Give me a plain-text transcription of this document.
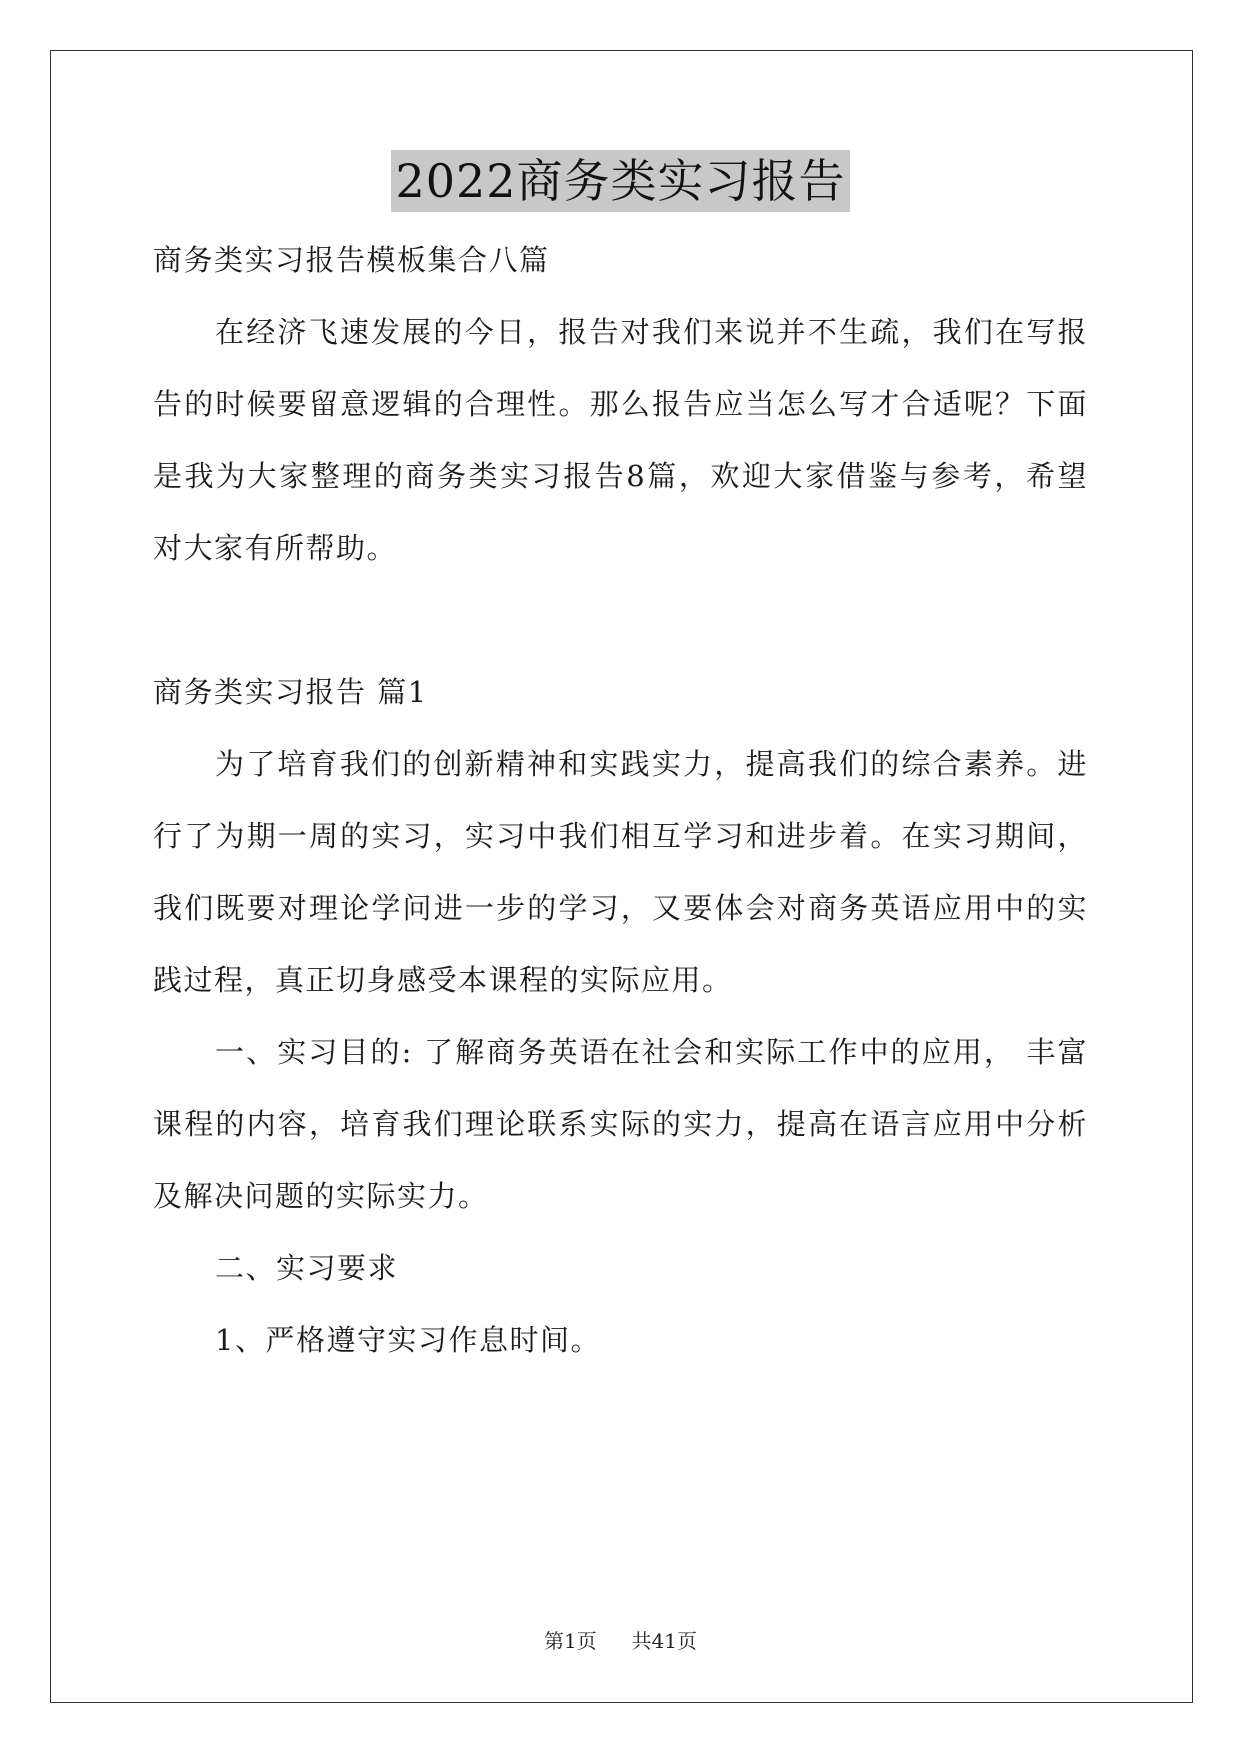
2022商务类实习报告
商务类实习报告模板集合八篇
在经济飞速发展的今日，报告对我们来说并不生疏，我们在写报
告的时候要留意逻辑的合理性。那么报告应当怎么写才合适呢？下面
是我为大家整理的商务类实习报告8篇，欢迎大家借鉴与参考，希望
对大家有所帮助。
商务类实习报告 篇1
为了培育我们的创新精神和实践实力，提高我们的综合素养。进
行了为期一周的实习，实习中我们相互学习和进步着。在实习期间，
我们既要对理论学问进一步的学习，又要体会对商务英语应用中的实
践过程，真正切身感受本课程的实际应用。
一、实习目的: 了解商务英语在社会和实际工作中的应用， 丰富
课程的内容，培育我们理论联系实际的实力，提高在语言应用中分析
及解决问题的实际实力。
二、实习要求
1、严格遵守实习作息时间。
第1页 共41页
